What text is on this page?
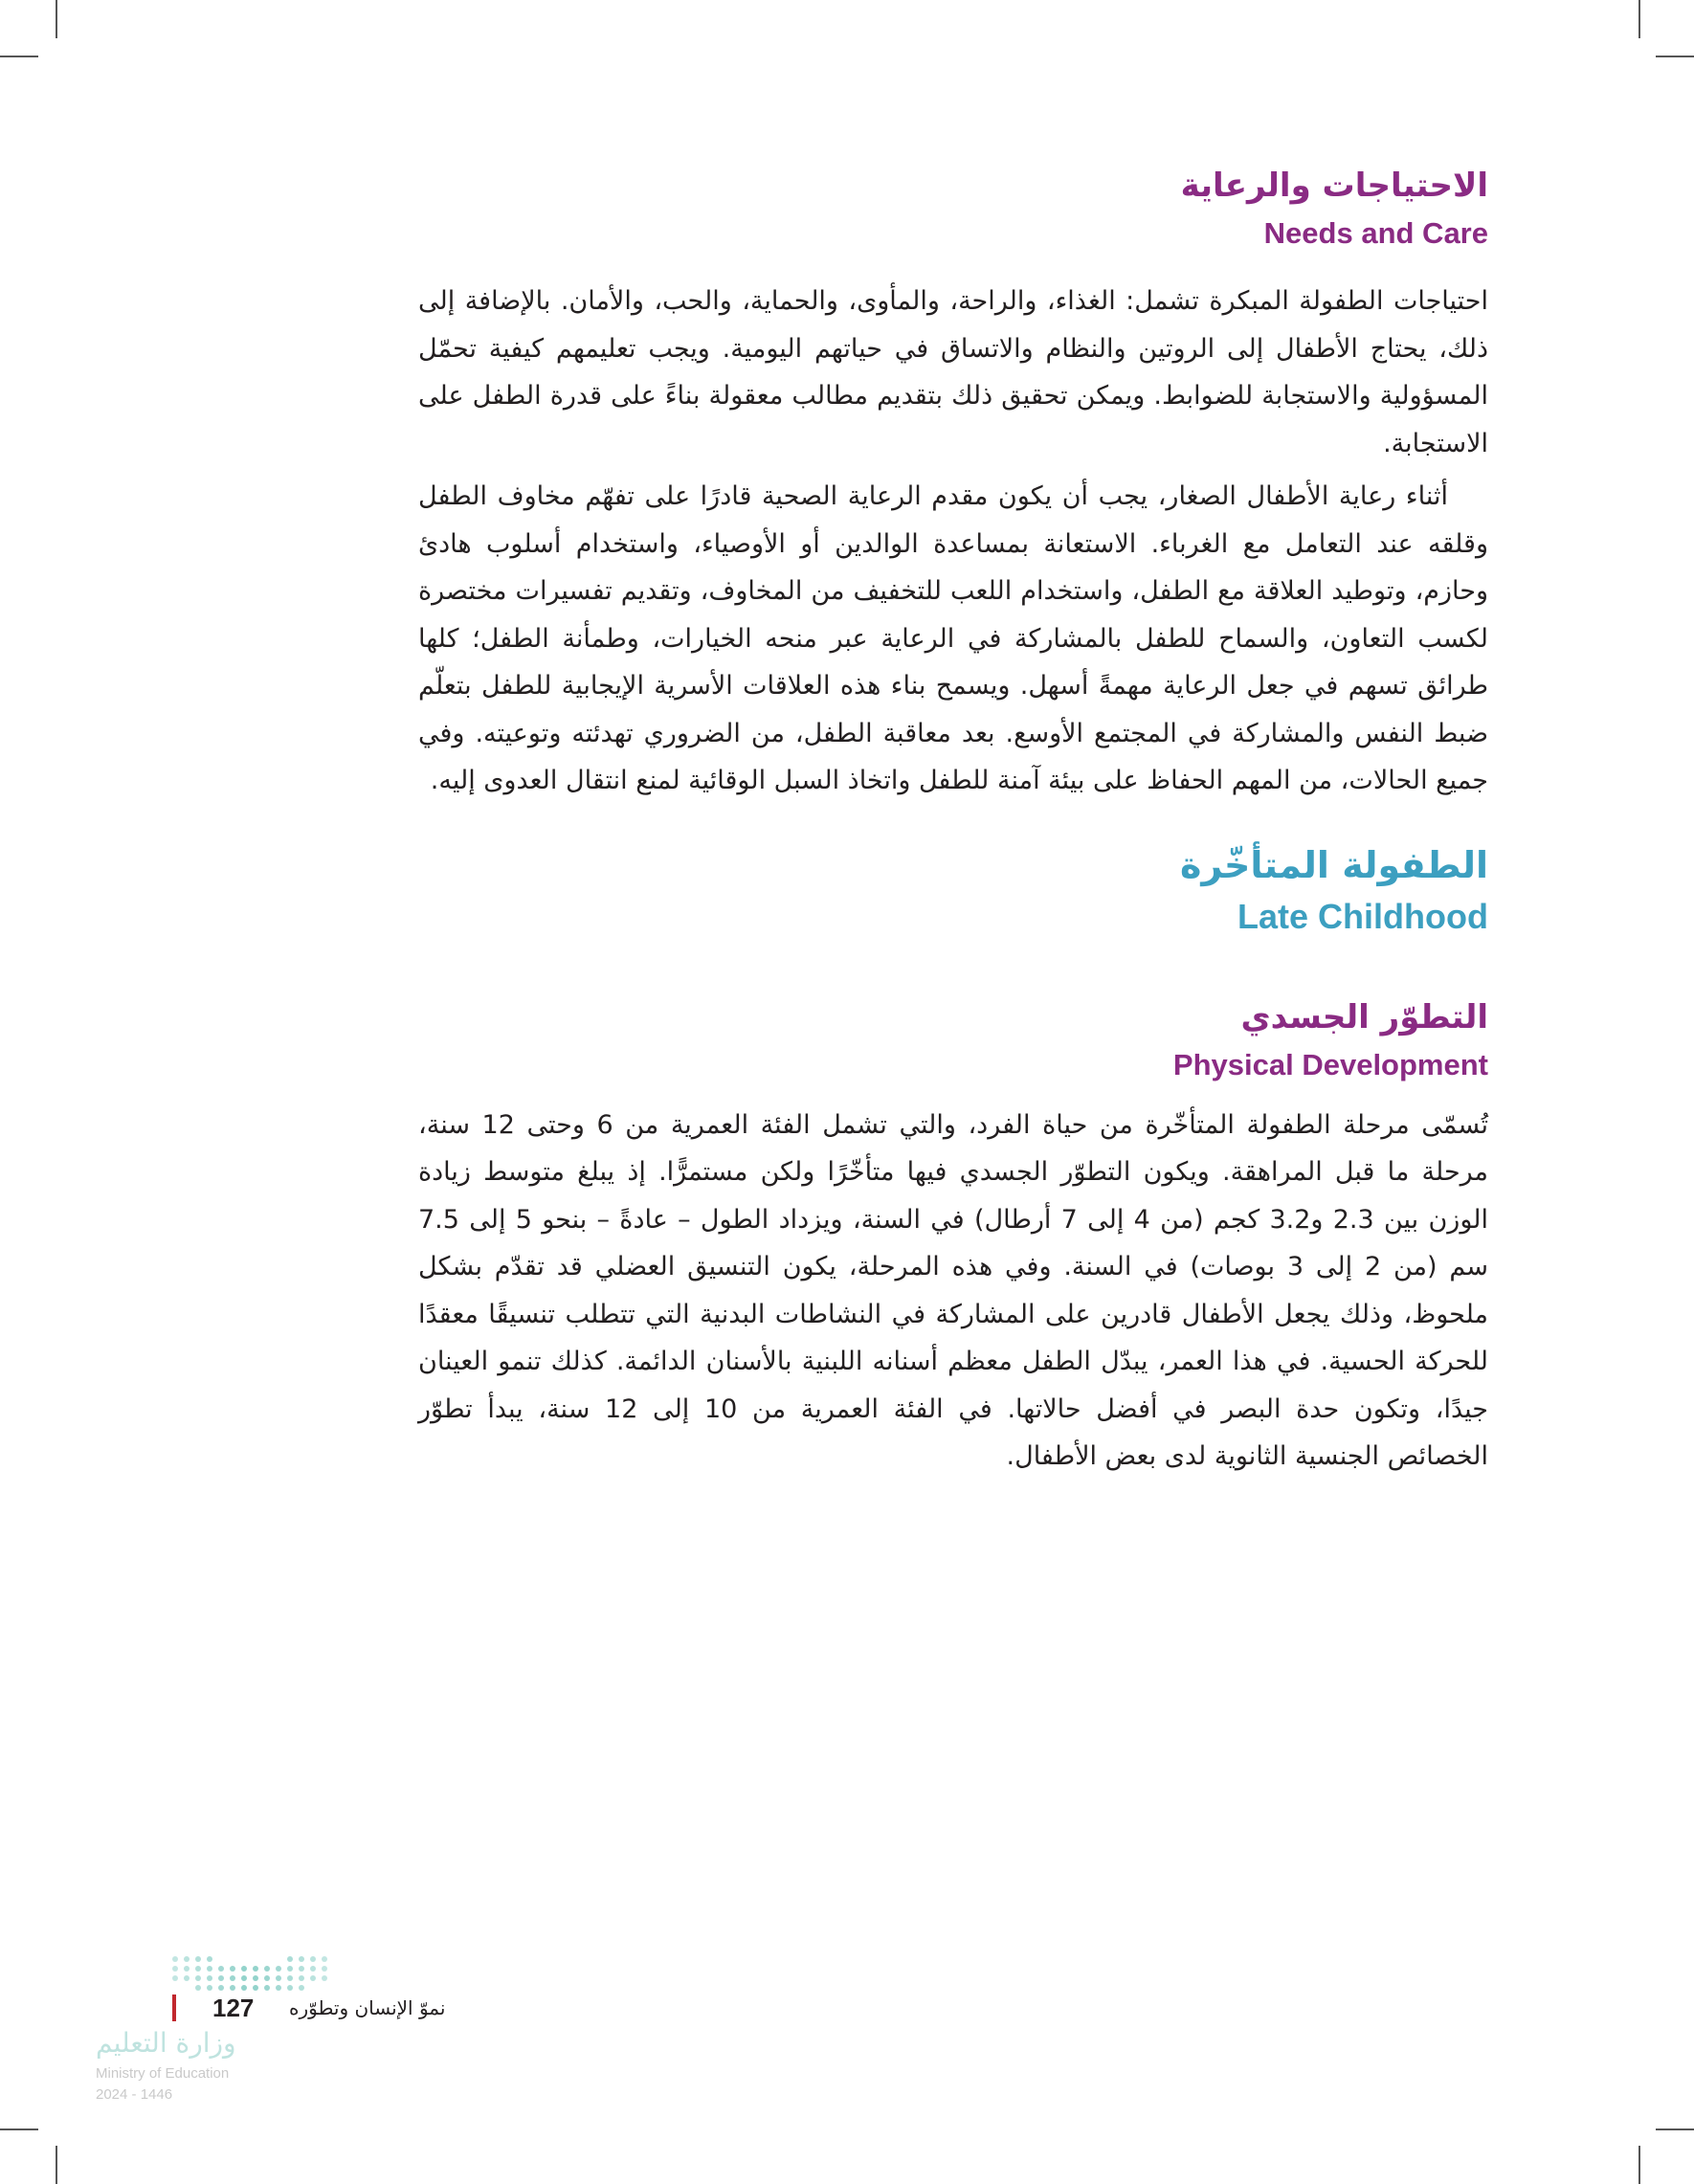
الاحتياجات والرعاية
Needs and Care

احتياجات الطفولة المبكرة تشمل: الغذاء، والراحة، والمأوى، والحماية، والحب، والأمان. بالإضافة إلى ذلك، يحتاج الأطفال إلى الروتين والنظام والاتساق في حياتهم اليومية. ويجب تعليمهم كيفية تحمّل المسؤولية والاستجابة للضوابط. ويمكن تحقيق ذلك بتقديم مطالب معقولة بناءً على قدرة الطفل على الاستجابة.

أثناء رعاية الأطفال الصغار، يجب أن يكون مقدم الرعاية الصحية قادرًا على تفهّم مخاوف الطفل وقلقه عند التعامل مع الغرباء. الاستعانة بمساعدة الوالدين أو الأوصياء، واستخدام أسلوب هادئ وحازم، وتوطيد العلاقة مع الطفل، واستخدام اللعب للتخفيف من المخاوف، وتقديم تفسيرات مختصرة لكسب التعاون، والسماح للطفل بالمشاركة في الرعاية عبر منحه الخيارات، وطمأنة الطفل؛ كلها طرائق تسهم في جعل الرعاية مهمةً أسهل. ويسمح بناء هذه العلاقات الأسرية الإيجابية للطفل بتعلّم ضبط النفس والمشاركة في المجتمع الأوسع. بعد معاقبة الطفل، من الضروري تهدئته وتوعيته. وفي جميع الحالات، من المهم الحفاظ على بيئة آمنة للطفل واتخاذ السبل الوقائية لمنع انتقال العدوى إليه.

الطفولة المتأخّرة
Late Childhood
التطوّر الجسدي
Physical Development

تُسمّى مرحلة الطفولة المتأخّرة من حياة الفرد، والتي تشمل الفئة العمرية من 6 وحتى 12 سنة، مرحلة ما قبل المراهقة. ويكون التطوّر الجسدي فيها متأخّرًا ولكن مستمرًّا. إذ يبلغ متوسط زيادة الوزن بين 2.3 و3.2 كجم (من 4 إلى 7 أرطال) في السنة، ويزداد الطول – عادةً – بنحو 5 إلى 7.5 سم (من 2 إلى 3 بوصات) في السنة. وفي هذه المرحلة، يكون التنسيق العضلي قد تقدّم بشكل ملحوظ، وذلك يجعل الأطفال قادرين على المشاركة في النشاطات البدنية التي تتطلب تنسيقًا معقدًا للحركة الحسية. في هذا العمر، يبدّل الطفل معظم أسنانه اللبنية بالأسنان الدائمة. كذلك تنمو العينان جيدًا، وتكون حدة البصر في أفضل حالاتها. في الفئة العمرية من 10 إلى 12 سنة، يبدأ تطوّر الخصائص الجنسية الثانوية لدى بعض الأطفال.

127 نموّ الإنسان وتطوّره
وزارة التعليم
Ministry of Education
2024 - 1446
